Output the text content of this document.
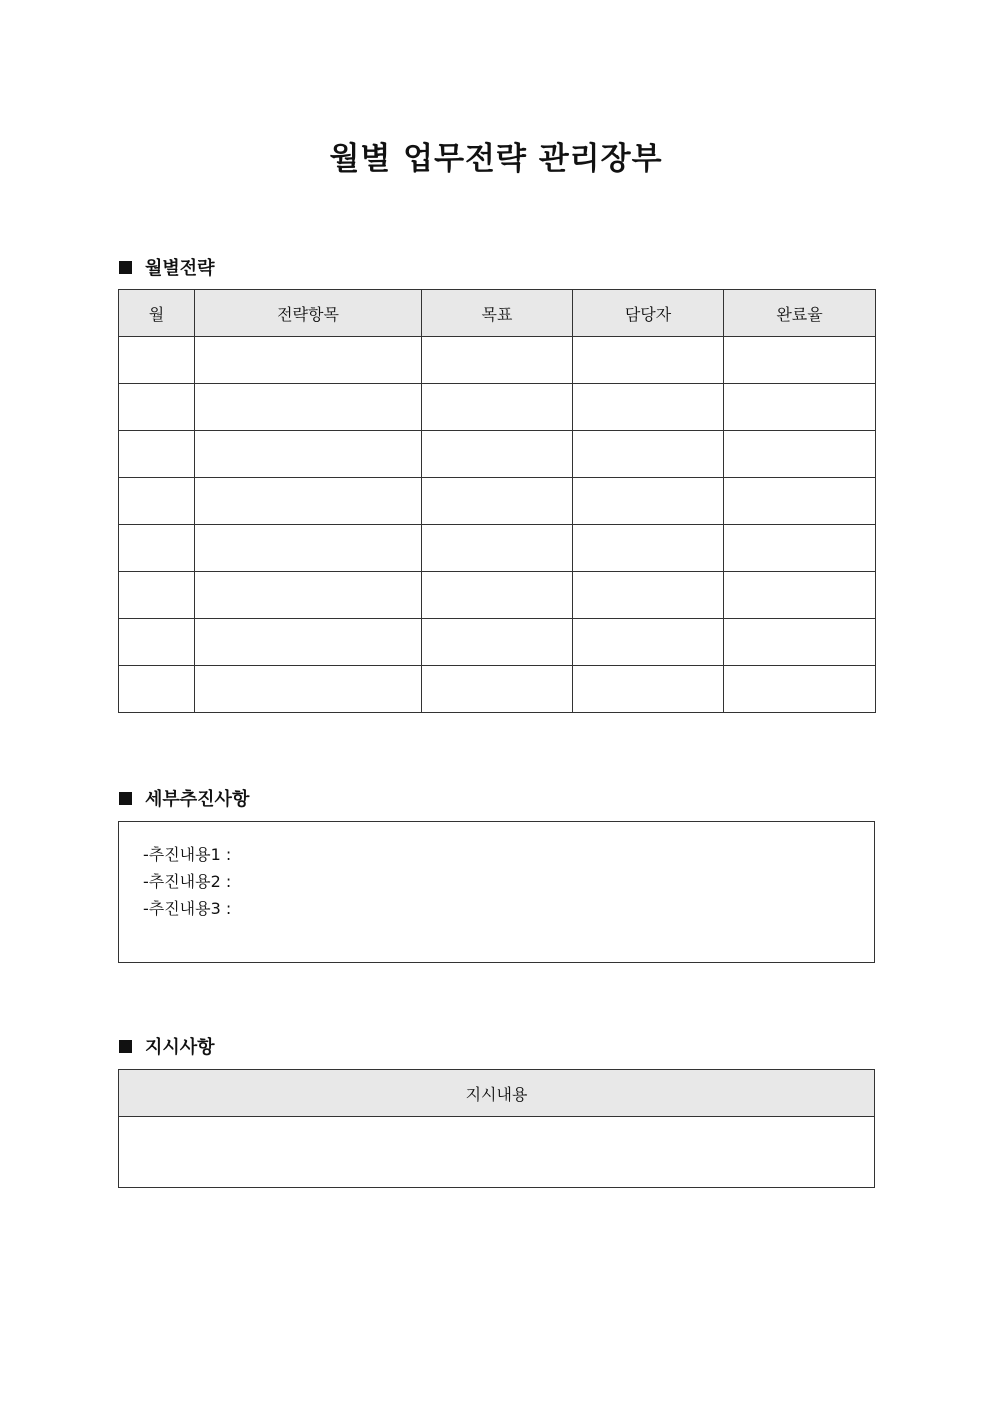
월별 업무전략 관리장부
월별전략
월	전략항목	목표	담당자	완료율

세부추진사항
-추진내용1 :
-추진내용2 :
-추진내용3 :
지시사항
지시내용
